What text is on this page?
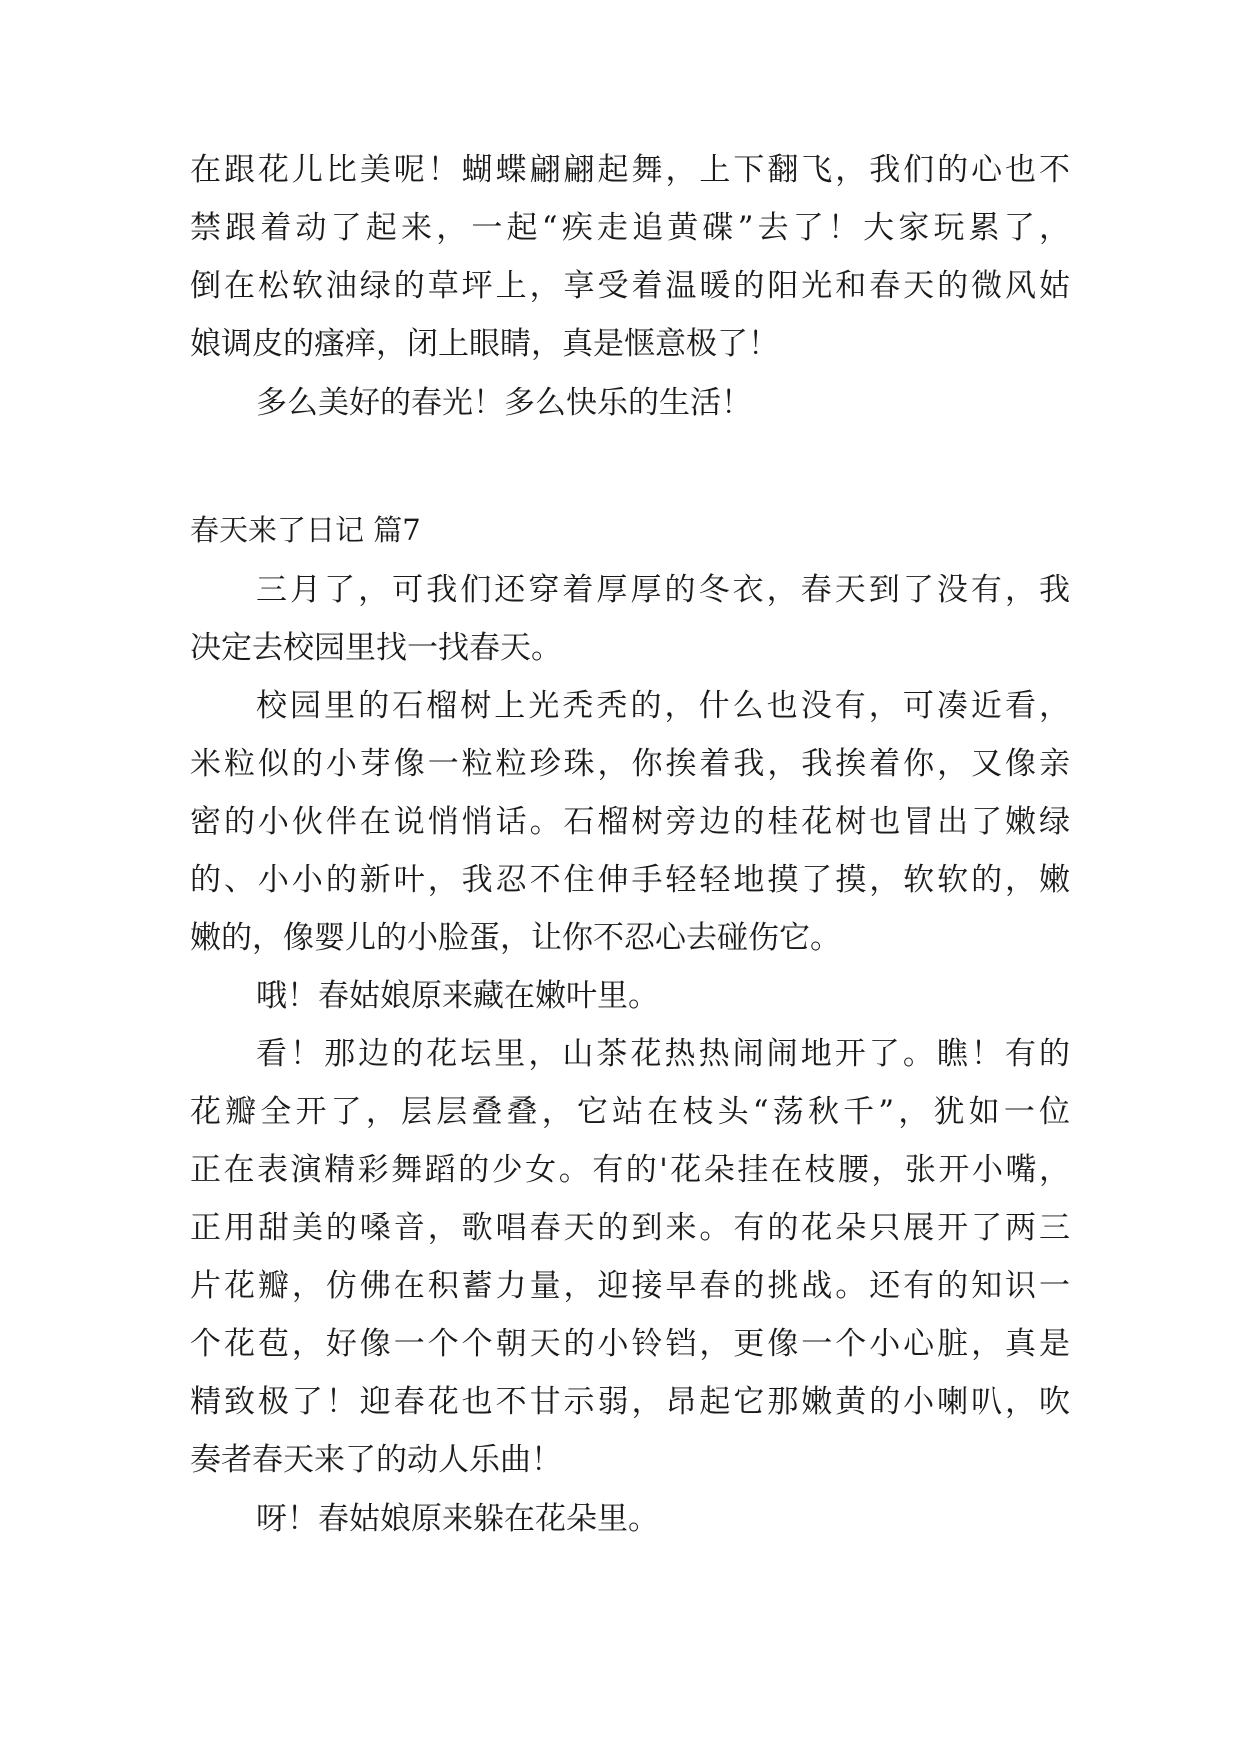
在跟花儿比美呢！蝴蝶翩翩起舞，上下翻飞，我们的心也不
禁跟着动了起来，一起“疾走追黄碟”去了！大家玩累了，
倒在松软油绿的草坪上，享受着温暖的阳光和春天的微风姑
娘调皮的瘙痒，闭上眼睛，真是惬意极了！
多么美好的春光！多么快乐的生活！
春天来了日记 篇7
三月了，可我们还穿着厚厚的冬衣，春天到了没有，我
决定去校园里找一找春天。
校园里的石榴树上光秃秃的，什么也没有，可凑近看，
米粒似的小芽像一粒粒珍珠，你挨着我，我挨着你，又像亲
密的小伙伴在说悄悄话。石榴树旁边的桂花树也冒出了嫩绿
的、小小的新叶，我忍不住伸手轻轻地摸了摸，软软的，嫩
嫩的，像婴儿的小脸蛋，让你不忍心去碰伤它。
哦！春姑娘原来藏在嫩叶里。
看！那边的花坛里，山茶花热热闹闹地开了。瞧！有的
花瓣全开了，层层叠叠，它站在枝头“荡秋千”，犹如一位
正在表演精彩舞蹈的少女。有的'花朵挂在枝腰，张开小嘴，
正用甜美的嗓音，歌唱春天的到来。有的花朵只展开了两三
片花瓣，仿佛在积蓄力量，迎接早春的挑战。还有的知识一
个花苞，好像一个个朝天的小铃铛，更像一个小心脏，真是
精致极了！迎春花也不甘示弱，昂起它那嫩黄的小喇叭，吹
奏者春天来了的动人乐曲！
呀！春姑娘原来躲在花朵里。
